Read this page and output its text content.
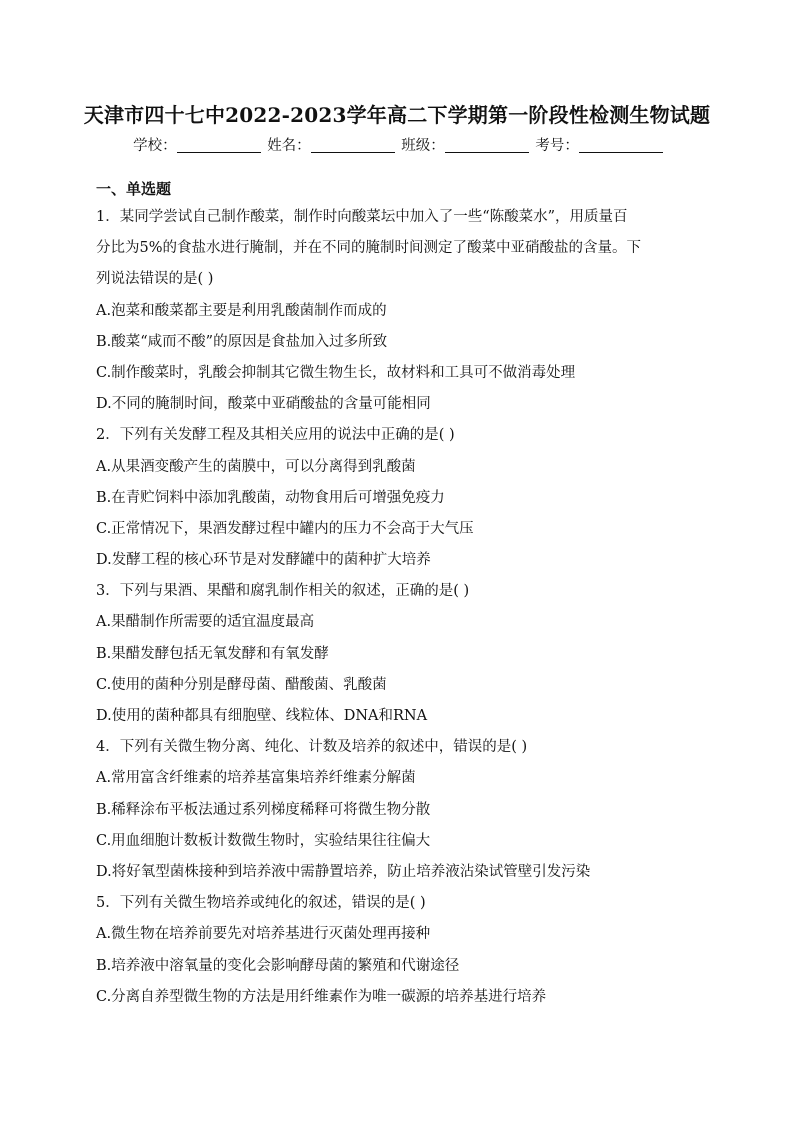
天津市四十七中2022-2023学年高二下学期第一阶段性检测生物试题
学校：	姓名：	班级：	考号：
一、单选题
1．某同学尝试自己制作酸菜，制作时向酸菜坛中加入了一些“陈酸菜水”，用质量百
分比为5%的食盐水进行腌制，并在不同的腌制时间测定了酸菜中亚硝酸盐的含量。下
列说法错误的是( )
A.泡菜和酸菜都主要是利用乳酸菌制作而成的
B.酸菜“咸而不酸”的原因是食盐加入过多所致
C.制作酸菜时，乳酸会抑制其它微生物生长，故材料和工具可不做消毒处理
D.不同的腌制时间，酸菜中亚硝酸盐的含量可能相同
2．下列有关发酵工程及其相关应用的说法中正确的是( )
A.从果酒变酸产生的菌膜中，可以分离得到乳酸菌
B.在青贮饲料中添加乳酸菌，动物食用后可增强免疫力
C.正常情况下，果酒发酵过程中罐内的压力不会高于大气压
D.发酵工程的核心环节是对发酵罐中的菌种扩大培养
3．下列与果酒、果醋和腐乳制作相关的叙述，正确的是( )
A.果醋制作所需要的适宜温度最高
B.果醋发酵包括无氧发酵和有氧发酵
C.使用的菌种分别是酵母菌、醋酸菌、乳酸菌
D.使用的菌种都具有细胞壁、线粒体、DNA和RNA
4．下列有关微生物分离、纯化、计数及培养的叙述中，错误的是( )
A.常用富含纤维素的培养基富集培养纤维素分解菌
B.稀释涂布平板法通过系列梯度稀释可将微生物分散
C.用血细胞计数板计数微生物时，实验结果往往偏大
D.将好氧型菌株接种到培养液中需静置培养，防止培养液沾染试管壁引发污染
5．下列有关微生物培养或纯化的叙述，错误的是( )
A.微生物在培养前要先对培养基进行灭菌处理再接种
B.培养液中溶氧量的变化会影响酵母菌的繁殖和代谢途径
C.分离自养型微生物的方法是用纤维素作为唯一碳源的培养基进行培养
